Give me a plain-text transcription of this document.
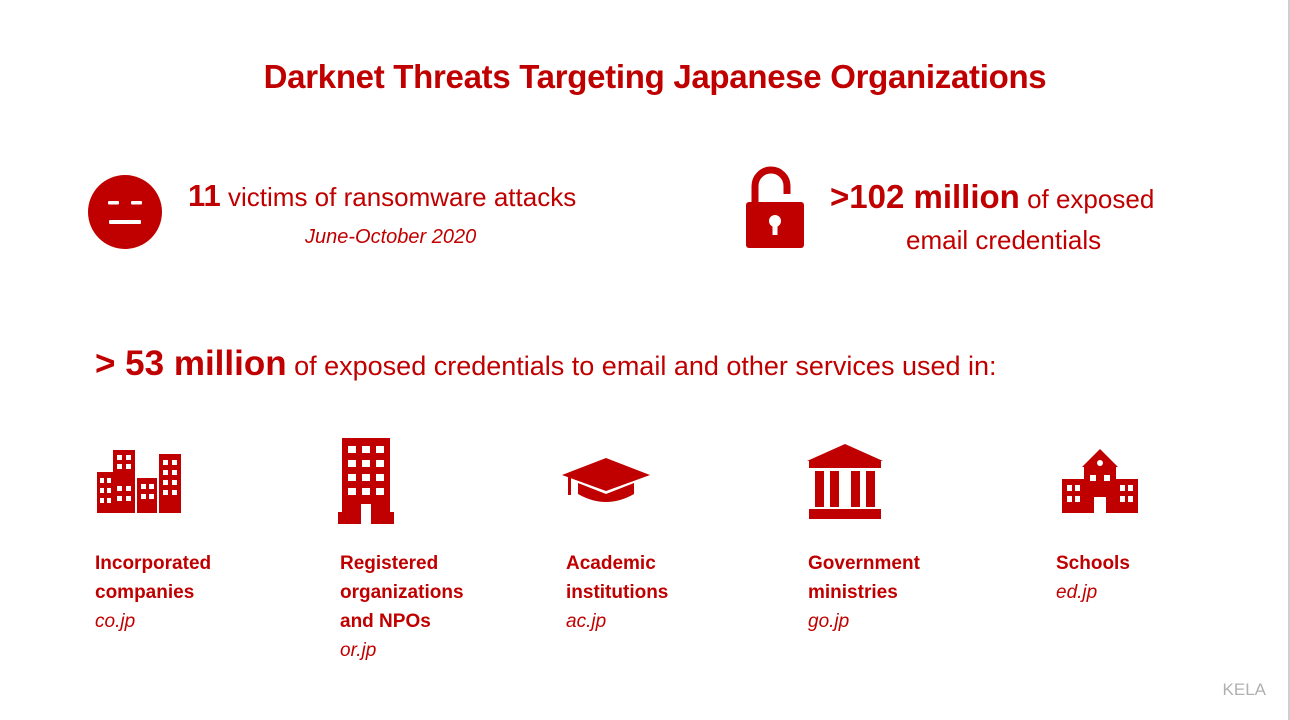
Darknet Threats Targeting Japanese Organizations
11 victims of ransomware attacks
June-October 2020
>102 million of exposed
email credentials
> 53 million of exposed credentials to email and other services used in:
Incorporated
companies
co.jp
Registered
organizations
and NPOs
or.jp
Academic
institutions
ac.jp
Government
ministries
go.jp
Schools
ed.jp
KELA
